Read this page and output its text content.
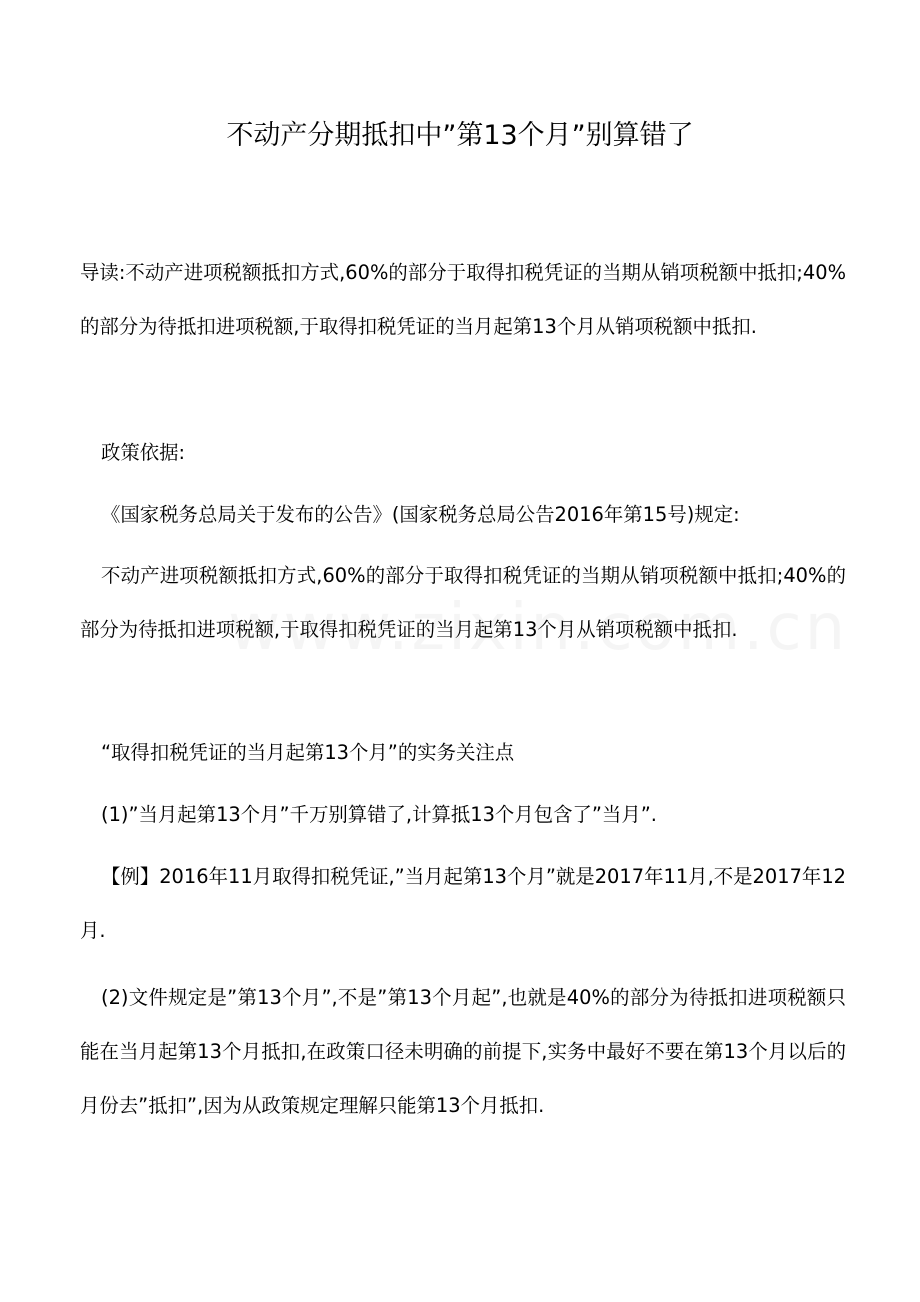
不动产分期抵扣中”第13个月”别算错了

导读:不动产进项税额抵扣方式,60%的部分于取得扣税凭证的当期从销项税额中抵扣;40%的部分为待抵扣进项税额,于取得扣税凭证的当月起第13个月从销项税额中抵扣.

政策依据:

《国家税务总局关于发布的公告》(国家税务总局公告2016年第15号)规定:

不动产进项税额抵扣方式,60%的部分于取得扣税凭证的当期从销项税额中抵扣;40%的部分为待抵扣进项税额,于取得扣税凭证的当月起第13个月从销项税额中抵扣.

“取得扣税凭证的当月起第13个月”的实务关注点

(1)”当月起第13个月”千万别算错了,计算抵13个月包含了”当月”.

【例】2016年11月取得扣税凭证,”当月起第13个月”就是2017年11月,不是2017年12月.

(2)文件规定是”第13个月”,不是”第13个月起”,也就是40%的部分为待抵扣进项税额只能在当月起第13个月抵扣,在政策口径未明确的前提下,实务中最好不要在第13个月以后的月份去”抵扣”,因为从政策规定理解只能第13个月抵扣.
